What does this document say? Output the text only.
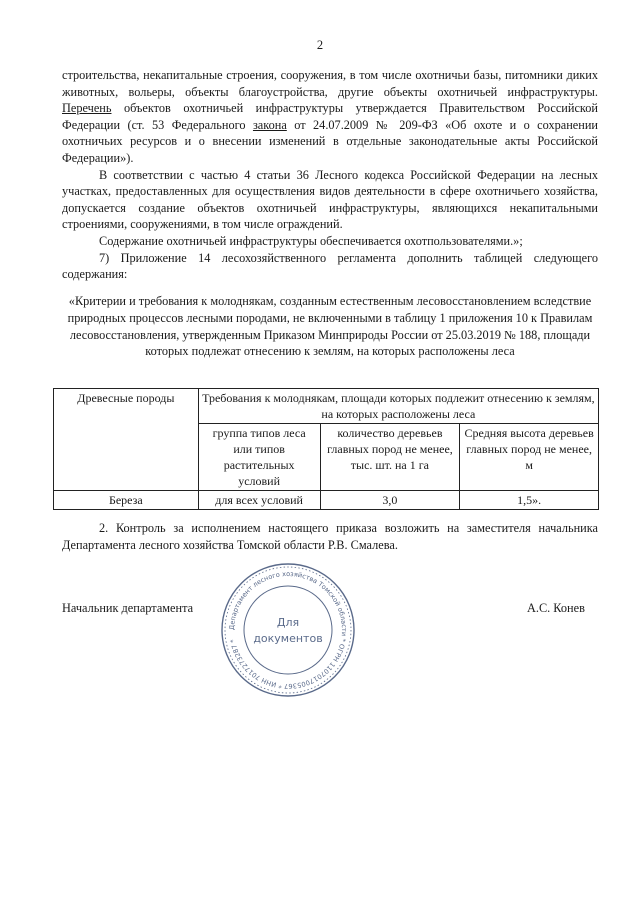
2

строительства, некапитальные строения, сооружения, в том числе охотничьи базы, питомники диких животных, вольеры, объекты благоустройства, другие объекты охотничьей инфраструктуры. Перечень объектов охотничьей инфраструктуры утверждается Правительством Российской Федерации (ст. 53 Федерального закона от 24.07.2009 № 209-ФЗ «Об охоте и о сохранении охотничьих ресурсов и о внесении изменений в отдельные законодательные акты Российской Федерации»).

В соответствии с частью 4 статьи 36 Лесного кодекса Российской Федерации на лесных участках, предоставленных для осуществления видов деятельности в сфере охотничьего хозяйства, допускается создание объектов охотничьей инфраструктуры, являющихся некапитальными строениями, сооружениями, в том числе ограждений.

Содержание охотничьей инфраструктуры обеспечивается охотпользователями.»;

7) Приложение 14 лесохозяйственного регламента дополнить таблицей следующего содержания:

«Критерии и требования к молоднякам, созданным естественным лесовосстановлением вследствие природных процессов лесными породами, не включенными в таблицу 1 приложения 10 к Правилам лесовосстановления, утвержденным Приказом Минприроды России от 25.03.2019 № 188, площади которых подлежат отнесению к землям, на которых расположены леса
Древесные породы	Требования к молоднякам, площади которых подлежит отнесению к землям, на которых расположены леса		
	группа типов леса или типов растительных условий	количество деревьев главных пород не менее, тыс. шт. на 1 га	Средняя высота деревьев главных пород не менее, м
Береза	для всех условий	3,0	1,5».
2. Контроль за исполнением настоящего приказа возложить на заместителя начальника Департамента лесного хозяйства Томской области Р.В. Смалева.
Начальник департамента	А.С. Конев
Департамент лесного хозяйства Томской области * ОГРН 1107017005367 * ИНН 7017273287 *
Для
документов
